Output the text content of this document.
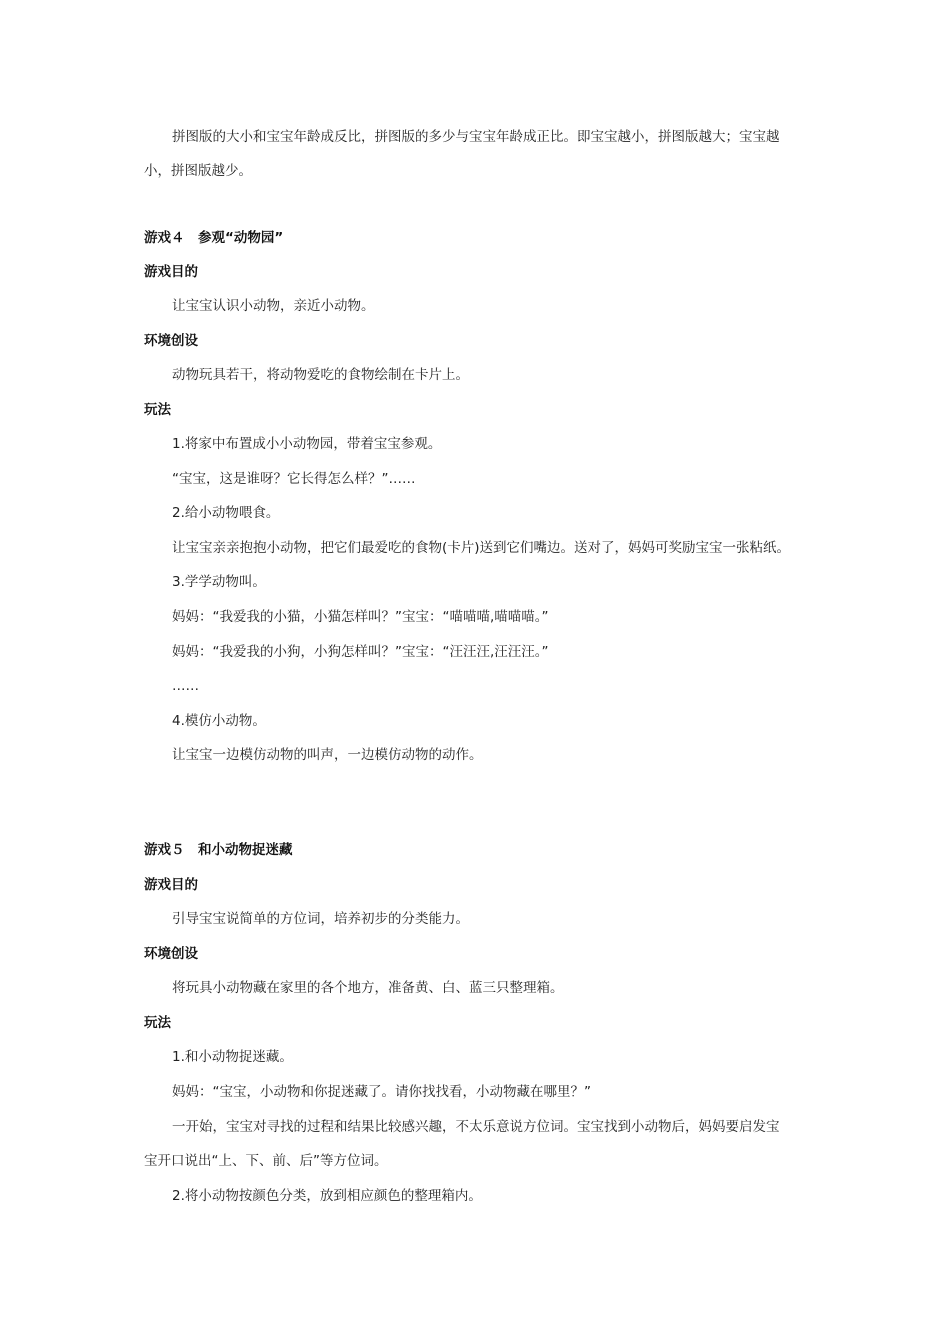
拼图版的大小和宝宝年龄成反比，拼图版的多少与宝宝年龄成正比。即宝宝越小，拼图版越大；宝宝越
小，拼图版越少。
游戏４　参观“动物园”
游戏目的
让宝宝认识小动物，亲近小动物。
环境创设
动物玩具若干，将动物爱吃的食物绘制在卡片上。
玩法
1.将家中布置成小小动物园，带着宝宝参观。
“宝宝，这是谁呀？它长得怎么样？”……
2.给小动物喂食。
让宝宝亲亲抱抱小动物，把它们最爱吃的食物(卡片)送到它们嘴边。送对了，妈妈可奖励宝宝一张粘纸。
3.学学动物叫。
妈妈：“我爱我的小猫，小猫怎样叫？”宝宝：“喵喵喵,喵喵喵。”
妈妈：“我爱我的小狗，小狗怎样叫？”宝宝：“汪汪汪,汪汪汪。”
……
4.模仿小动物。
让宝宝一边模仿动物的叫声，一边模仿动物的动作。
游戏５　和小动物捉迷藏
游戏目的
引导宝宝说简单的方位词，培养初步的分类能力。
环境创设
将玩具小动物藏在家里的各个地方，准备黄、白、蓝三只整理箱。
玩法
1.和小动物捉迷藏。
妈妈：“宝宝，小动物和你捉迷藏了。请你找找看，小动物藏在哪里？”
一开始，宝宝对寻找的过程和结果比较感兴趣，不太乐意说方位词。宝宝找到小动物后，妈妈要启发宝
宝开口说出“上、下、前、后”等方位词。
2.将小动物按颜色分类，放到相应颜色的整理箱内。
